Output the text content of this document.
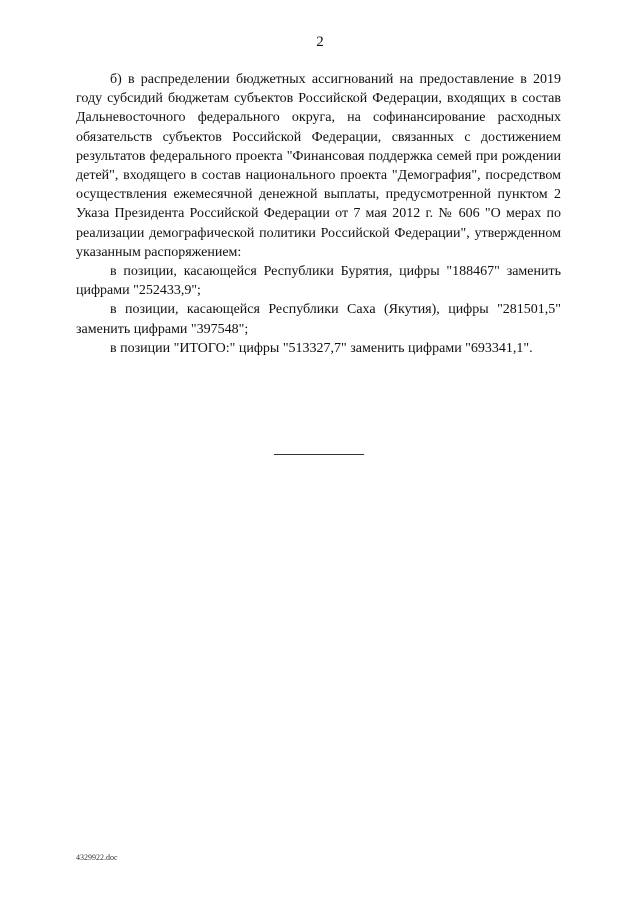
2

б) в распределении бюджетных ассигнований на предоставление в 2019 году субсидий бюджетам субъектов Российской Федерации, входящих в состав Дальневосточного федерального округа, на софинансирование расходных обязательств субъектов Российской Федерации, связанных с достижением результатов федерального проекта "Финансовая поддержка семей при рождении детей", входящего в состав национального проекта "Демография", посредством осуществления ежемесячной денежной выплаты, предусмотренной пунктом 2 Указа Президента Российской Федерации от 7 мая 2012 г. № 606 "О мерах по реализации демографической политики Российской Федерации", утвержденном указанным распоряжением:

в позиции, касающейся Республики Бурятия, цифры "188467" заменить цифрами "252433,9";

в позиции, касающейся Республики Саха (Якутия), цифры "281501,5" заменить цифрами "397548";

в позиции "ИТОГО:" цифры "513327,7" заменить цифрами "693341,1".

4329922.doc
